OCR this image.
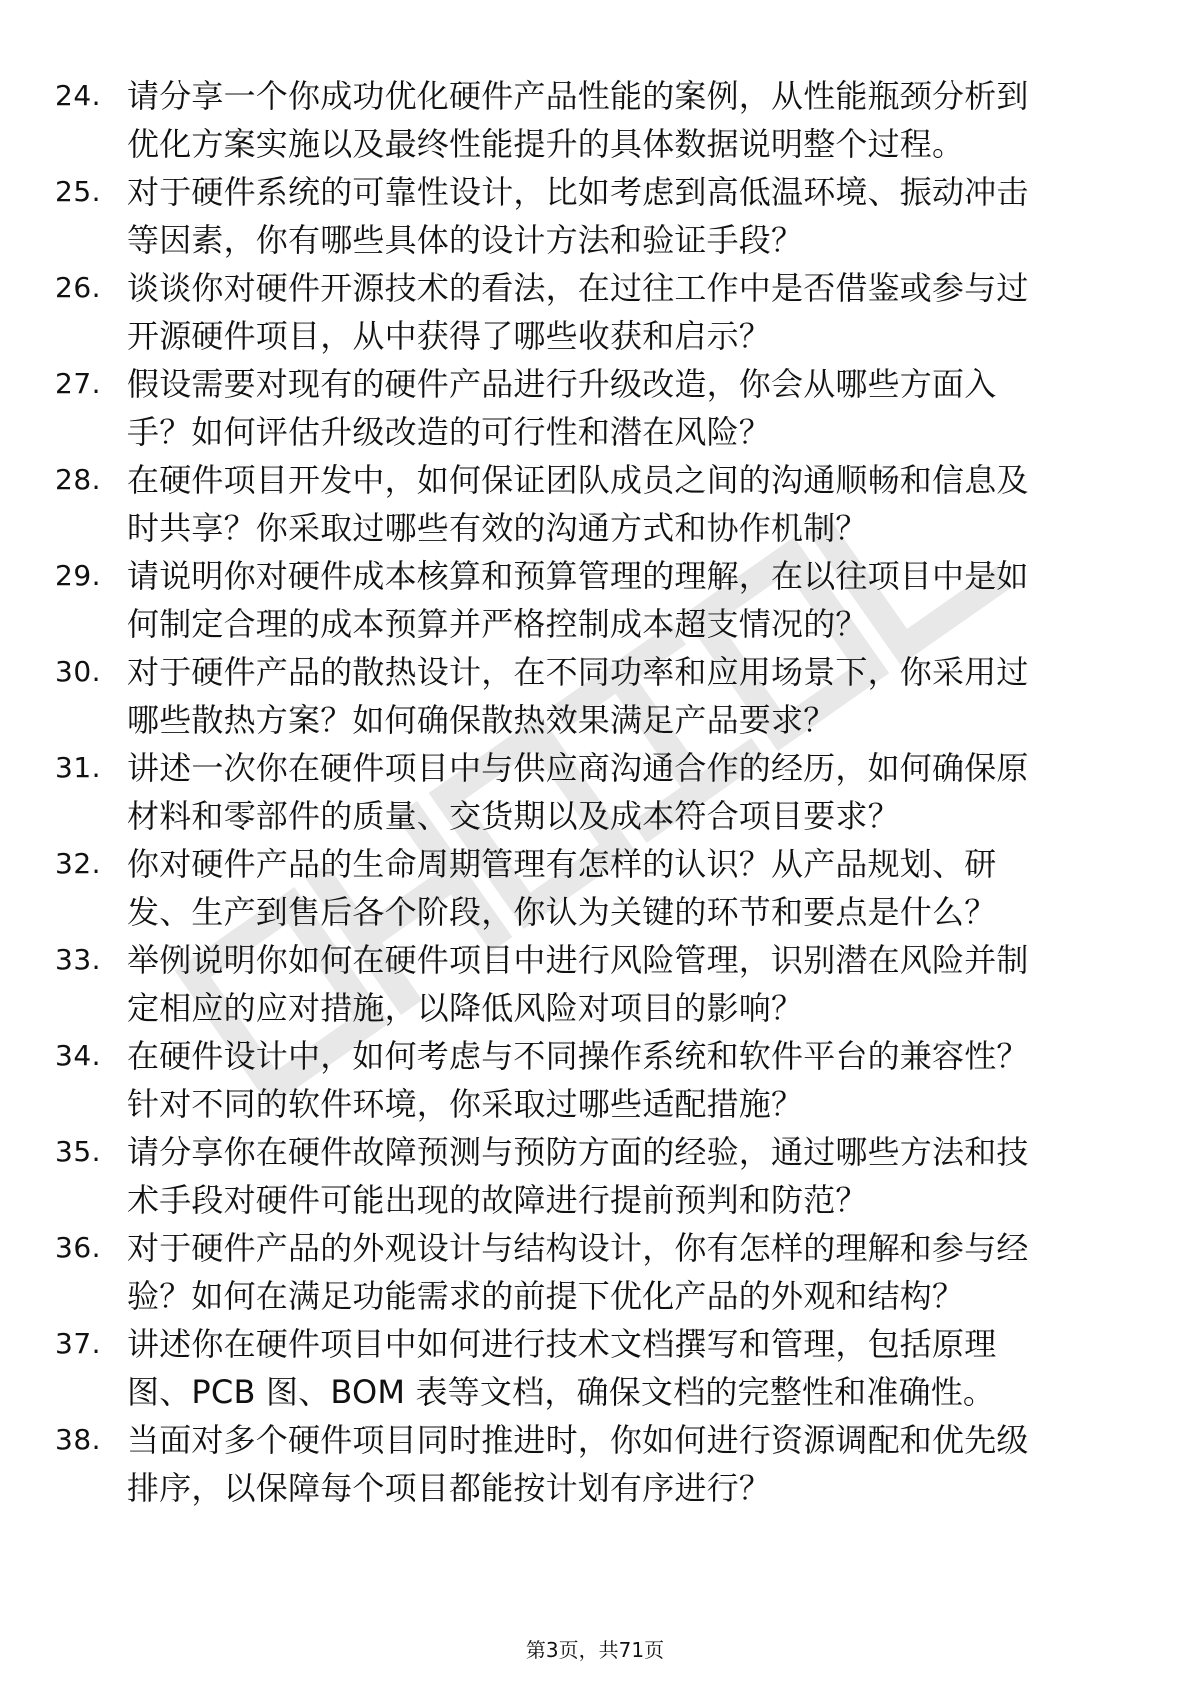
24. 请分享一个你成功优化硬件产品性能的案例，从性能瓶颈分析到
优化方案实施以及最终性能提升的具体数据说明整个过程。
25. 对于硬件系统的可靠性设计，比如考虑到高低温环境、振动冲击
等因素，你有哪些具体的设计方法和验证手段？
26. 谈谈你对硬件开源技术的看法，在过往工作中是否借鉴或参与过
开源硬件项目，从中获得了哪些收获和启示？
27. 假设需要对现有的硬件产品进行升级改造，你会从哪些方面入
手？如何评估升级改造的可行性和潜在风险？
28. 在硬件项目开发中，如何保证团队成员之间的沟通顺畅和信息及
时共享？你采取过哪些有效的沟通方式和协作机制？
29. 请说明你对硬件成本核算和预算管理的理解，在以往项目中是如
何制定合理的成本预算并严格控制成本超支情况的？
30. 对于硬件产品的散热设计，在不同功率和应用场景下，你采用过
哪些散热方案？如何确保散热效果满足产品要求？
31. 讲述一次你在硬件项目中与供应商沟通合作的经历，如何确保原
材料和零部件的质量、交货期以及成本符合项目要求？
32. 你对硬件产品的生命周期管理有怎样的认识？从产品规划、研
发、生产到售后各个阶段，你认为关键的环节和要点是什么？
33. 举例说明你如何在硬件项目中进行风险管理，识别潜在风险并制
定相应的应对措施，以降低风险对项目的影响？
34. 在硬件设计中，如何考虑与不同操作系统和软件平台的兼容性？
针对不同的软件环境，你采取过哪些适配措施？
35. 请分享你在硬件故障预测与预防方面的经验，通过哪些方法和技
术手段对硬件可能出现的故障进行提前预判和防范？
36. 对于硬件产品的外观设计与结构设计，你有怎样的理解和参与经
验？如何在满足功能需求的前提下优化产品的外观和结构？
37. 讲述你在硬件项目中如何进行技术文档撰写和管理，包括原理
图、PCB 图、BOM 表等文档，确保文档的完整性和准确性。
38. 当面对多个硬件项目同时推进时，你如何进行资源调配和优先级
排序，以保障每个项目都能按计划有序进行？
第3页，共71页
